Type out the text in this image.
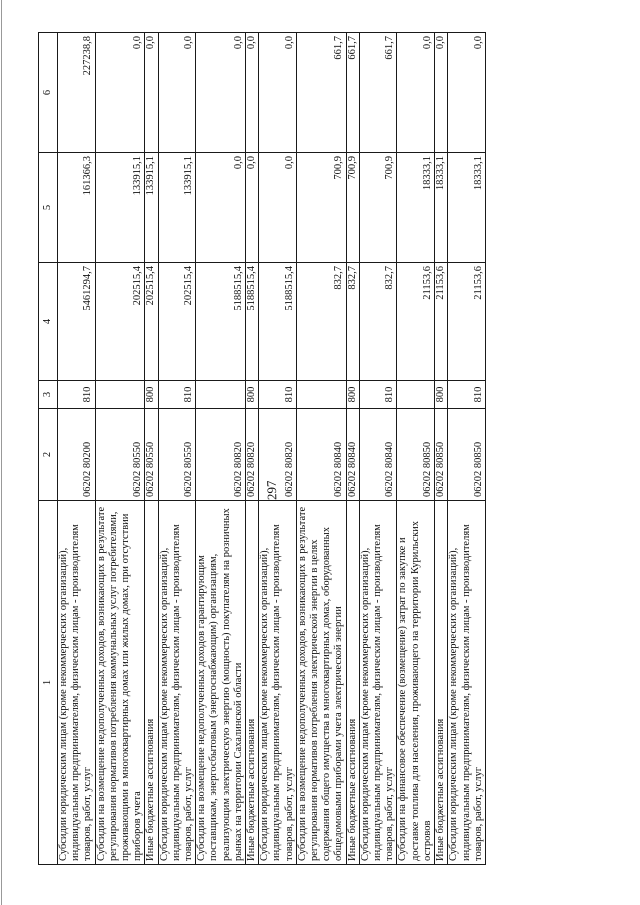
297
1	2	3	4	5	6
Субсидии юридическим лицам (кроме некоммерческих организаций), индивидуальным предпринимателям, физическим лицам - производителям товаров, работ, услуг	06202 80200	810	5461294,7	161366,3	227238,8
Субсидии на возмещение недополученных доходов, возникающих в результате регулирования нормативов потребления коммунальных услуг потребителями, проживающими в многоквартирных домах или жилых домах, при отсутствии приборов учета	06202 80550		202515,4	133915,1	0,0
Иные бюджетные ассигнования	06202 80550	800	202515,4	133915,1	0,0
Субсидии юридическим лицам (кроме некоммерческих организаций), индивидуальным предпринимателям, физическим лицам - производителям товаров, работ, услуг	06202 80550	810	202515,4	133915,1	0,0
Субсидии на возмещение недополученных доходов гарантирующим поставщикам, энергосбытовым (энергоснабжающим) организациям, реализующим электрическую энергию (мощность) покупателям на розничных рынках на территории Сахалинской области	06202 80820		5188515,4	0,0	0,0
Иные бюджетные ассигнования	06202 80820	800	5188515,4	0,0	0,0
Субсидии юридическим лицам (кроме некоммерческих организаций), индивидуальным предпринимателям, физическим лицам - производителям товаров, работ, услуг	06202 80820	810	5188515,4	0,0	0,0
Субсидии на возмещение недополученных доходов, возникающих в результате регулирования нормативов потребления электрической энергии в целях содержания общего имущества в многоквартирных домах, оборудованных общедомовыми приборами учета электрической энергии	06202 80840		832,7	700,9	661,7
Иные бюджетные ассигнования	06202 80840	800	832,7	700,9	661,7
Субсидии юридическим лицам (кроме некоммерческих организаций), индивидуальным предпринимателям, физическим лицам - производителям товаров, работ, услуг	06202 80840	810	832,7	700,9	661,7
Субсидии на финансовое обеспечение (возмещение) затрат по закупке и доставке топлива для населения, проживающего на территории Курильских островов	06202 80850		21153,6	18333,1	0,0
Иные бюджетные ассигнования	06202 80850	800	21153,6	18333,1	0,0
Субсидии юридическим лицам (кроме некоммерческих организаций), индивидуальным предпринимателям, физическим лицам - производителям товаров, работ, услуг	06202 80850	810	21153,6	18333,1	0,0
